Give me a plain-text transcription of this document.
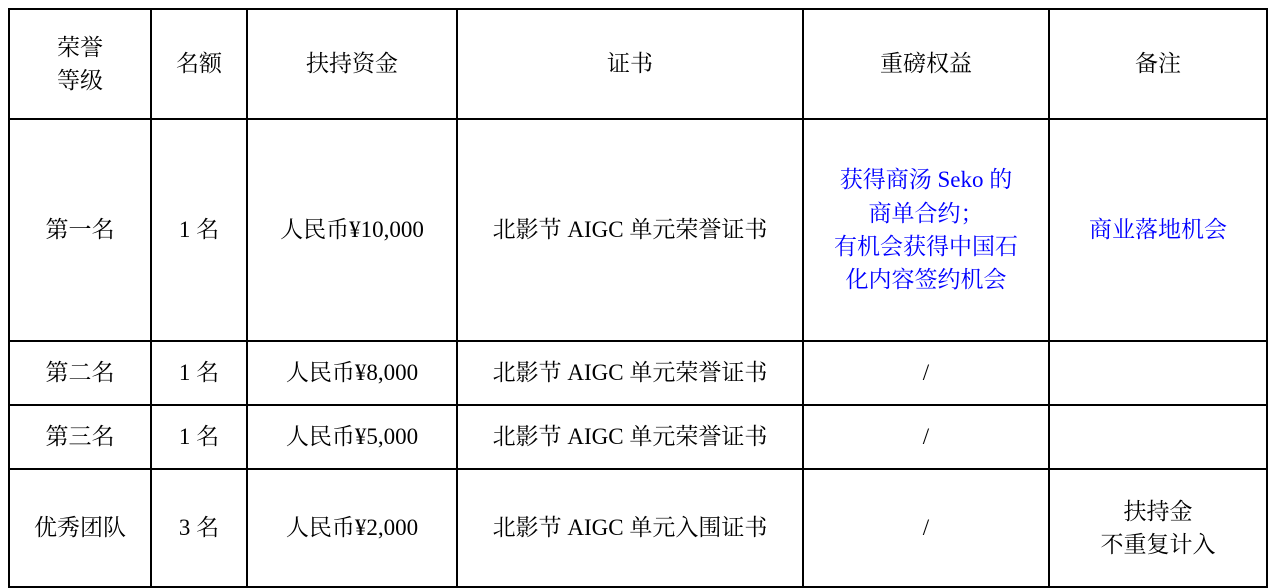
荣誉
等级	名额	扶持资金	证书	重磅权益	备注
第一名	1 名	人民币¥10,000	北影节 AIGC 单元荣誉证书	获得商汤 Seko 的
商单合约；
有机会获得中国石
化内容签约机会	商业落地机会
第二名	1 名	人民币¥8,000	北影节 AIGC 单元荣誉证书	/	
第三名	1 名	人民币¥5,000	北影节 AIGC 单元荣誉证书	/	
优秀团队	3 名	人民币¥2,000	北影节 AIGC 单元入围证书	/	扶持金
不重复计入
